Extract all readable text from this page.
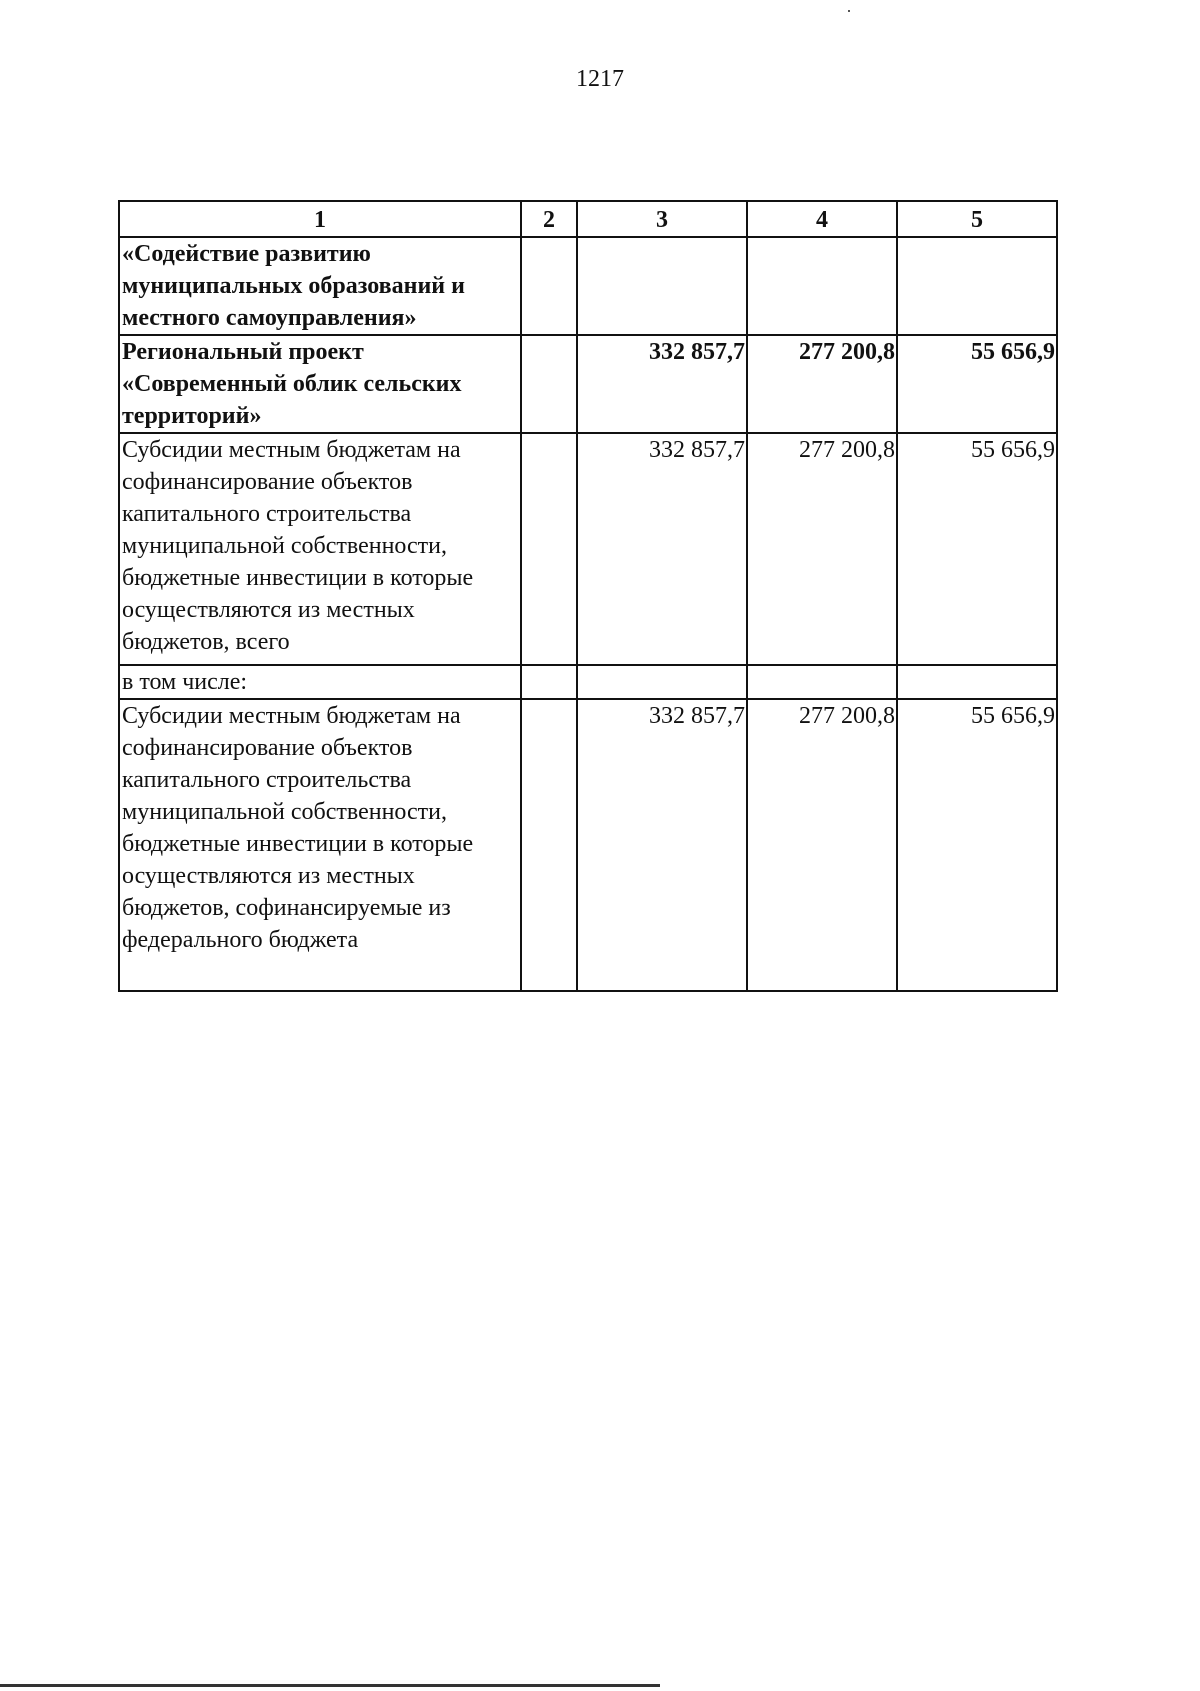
1217
1	2	3	4	5
«Содействие развитию муниципальных образований и местного самоуправления»				
Региональный проект «Современный облик сельских территорий»		332 857,7	277 200,8	55 656,9
Субсидии местным бюджетам на софинансирование объектов капитального строительства муниципальной собственности, бюджетные инвестиции в которые осуществляются из местных бюджетов, всего		332 857,7	277 200,8	55 656,9
в том числе:				
Субсидии местным бюджетам на софинансирование объектов капитального строительства муниципальной собственности, бюджетные инвестиции в которые осуществляются из местных бюджетов, софинансируемые из федерального бюджета		332 857,7	277 200,8	55 656,9
